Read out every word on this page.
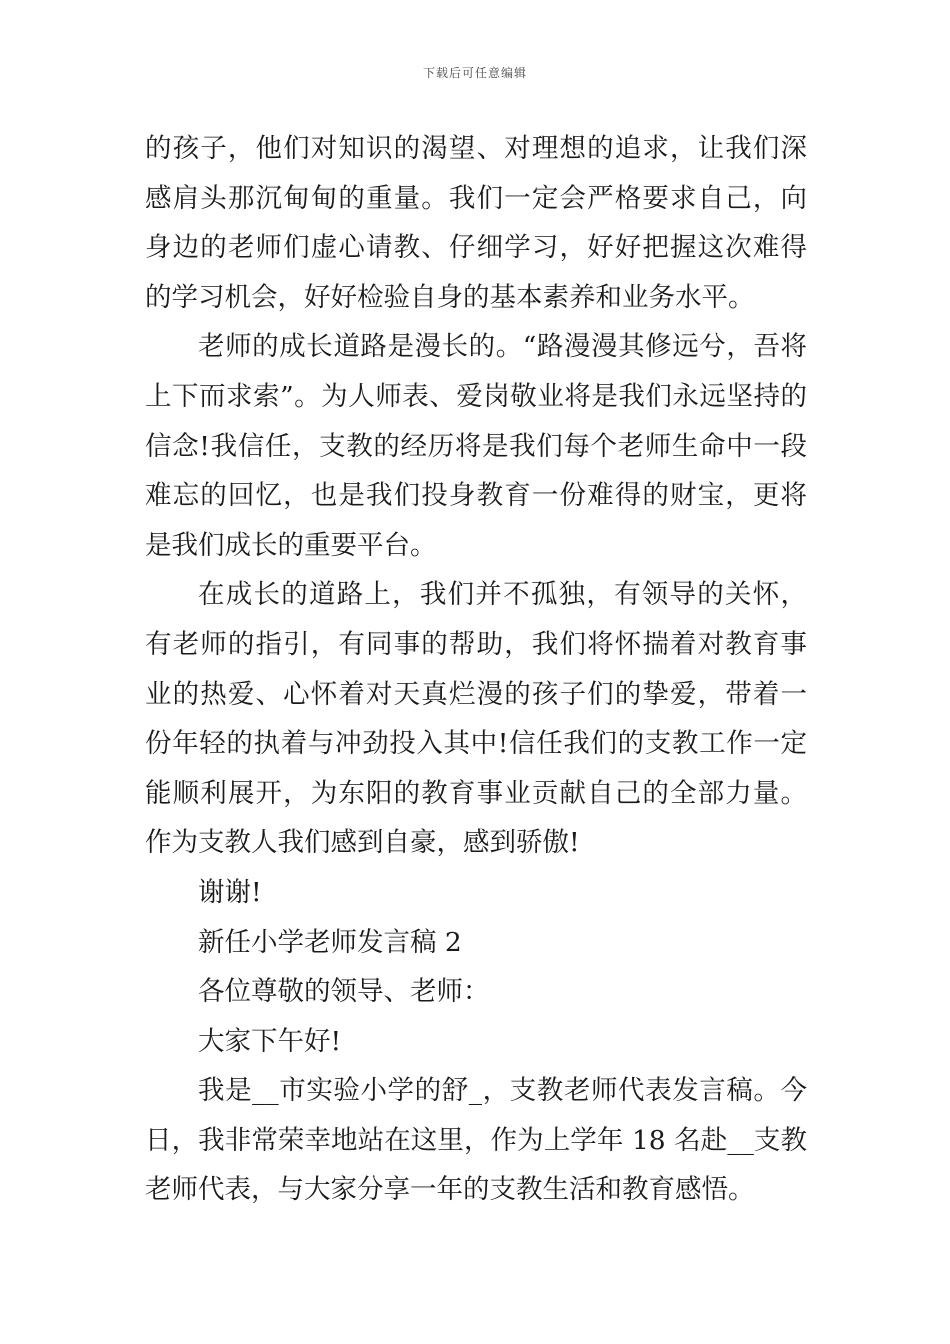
下载后可任意编辑

的孩子，他们对知识的渴望、对理想的追求，让我们深感肩头那沉甸甸的重量。我们一定会严格要求自己，向身边的老师们虚心请教、仔细学习，好好把握这次难得的学习机会，好好检验自身的基本素养和业务水平。

老师的成长道路是漫长的。“路漫漫其修远兮，吾将上下而求索”。为人师表、爱岗敬业将是我们永远坚持的信念!我信任，支教的经历将是我们每个老师生命中一段难忘的回忆，也是我们投身教育一份难得的财宝，更将是我们成长的重要平台。

在成长的道路上，我们并不孤独，有领导的关怀，有老师的指引，有同事的帮助，我们将怀揣着对教育事业的热爱、心怀着对天真烂漫的孩子们的挚爱，带着一份年轻的执着与冲劲投入其中!信任我们的支教工作一定能顺利展开，为东阳的教育事业贡献自己的全部力量。作为支教人我们感到自豪，感到骄傲!

谢谢!

新任小学老师发言稿 2

各位尊敬的领导、老师：

大家下午好!

我是__市实验小学的舒_，支教老师代表发言稿。今日，我非常荣幸地站在这里，作为上学年 18 名赴__支教老师代表，与大家分享一年的支教生活和教育感悟。
